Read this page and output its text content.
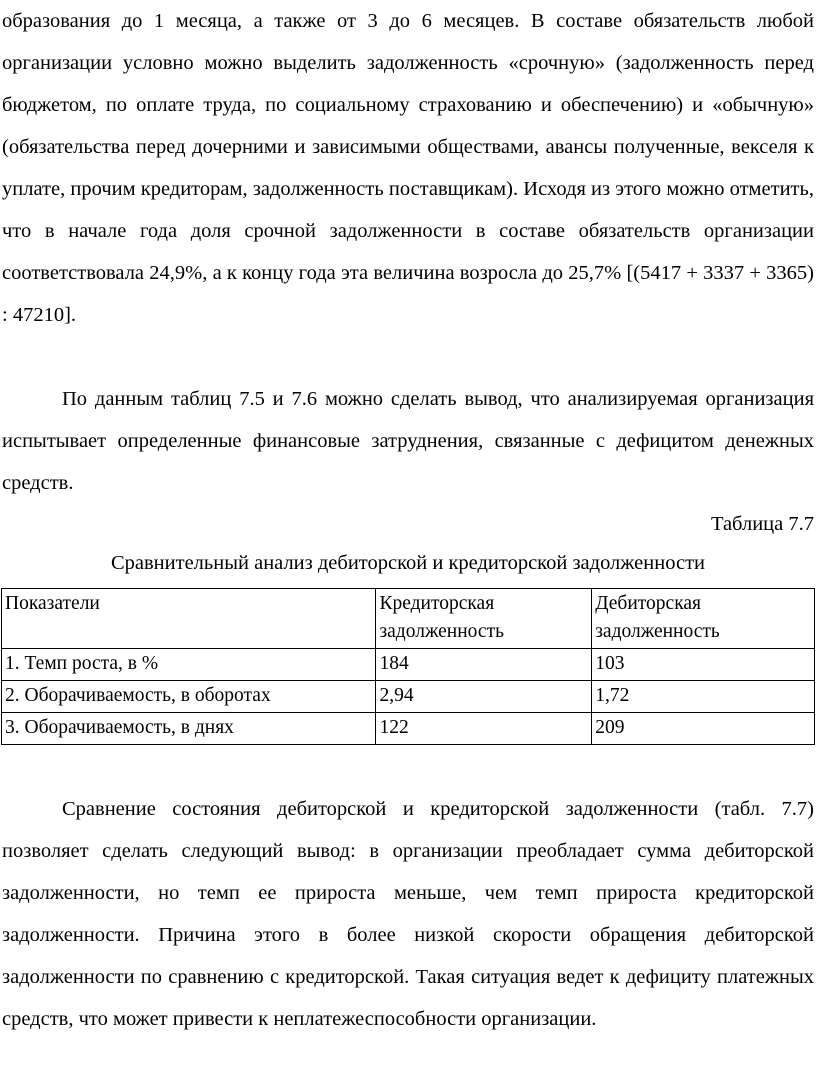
образования до 1 месяца, а также от 3 до 6 месяцев. В составе обязательств любой организации условно можно выделить задолженность «срочную» (задолженность перед бюджетом, по оплате труда, по социальному страхованию и обеспечению) и «обычную» (обязательства перед дочерними и зависимыми обществами, авансы полученные, векселя к уплате, прочим кредиторам, задолженность поставщикам). Исходя из этого можно отметить, что в начале года доля срочной задолженности в составе обязательств организации соответствовала 24,9%, а к концу года эта величина возросла до 25,7% [(5417 + 3337 + 3365) : 47210].

По данным таблиц 7.5 и 7.6 можно сделать вывод, что анализируемая организация испытывает определенные финансовые затруднения, связанные с дефицитом денежных средств.

Таблица 7.7

Сравнительный анализ дебиторской и кредиторской задолженности

Показатели	Кредиторская задолженность	Дебиторская задолженность
1. Темп роста, в %	184	103
2. Оборачиваемость, в оборотах	2,94	1,72
3. Оборачиваемость, в днях	122	209

Сравнение состояния дебиторской и кредиторской задолженности (табл. 7.7) позволяет сделать следующий вывод: в организации преобладает сумма дебиторской задолженности, но темп ее прироста меньше, чем темп прироста кредиторской задолженности. Причина этого в более низкой скорости обращения дебиторской задолженности по сравнению с кредиторской. Такая ситуация ведет к дефициту платежных средств, что может привести к неплатежеспособности организации.
